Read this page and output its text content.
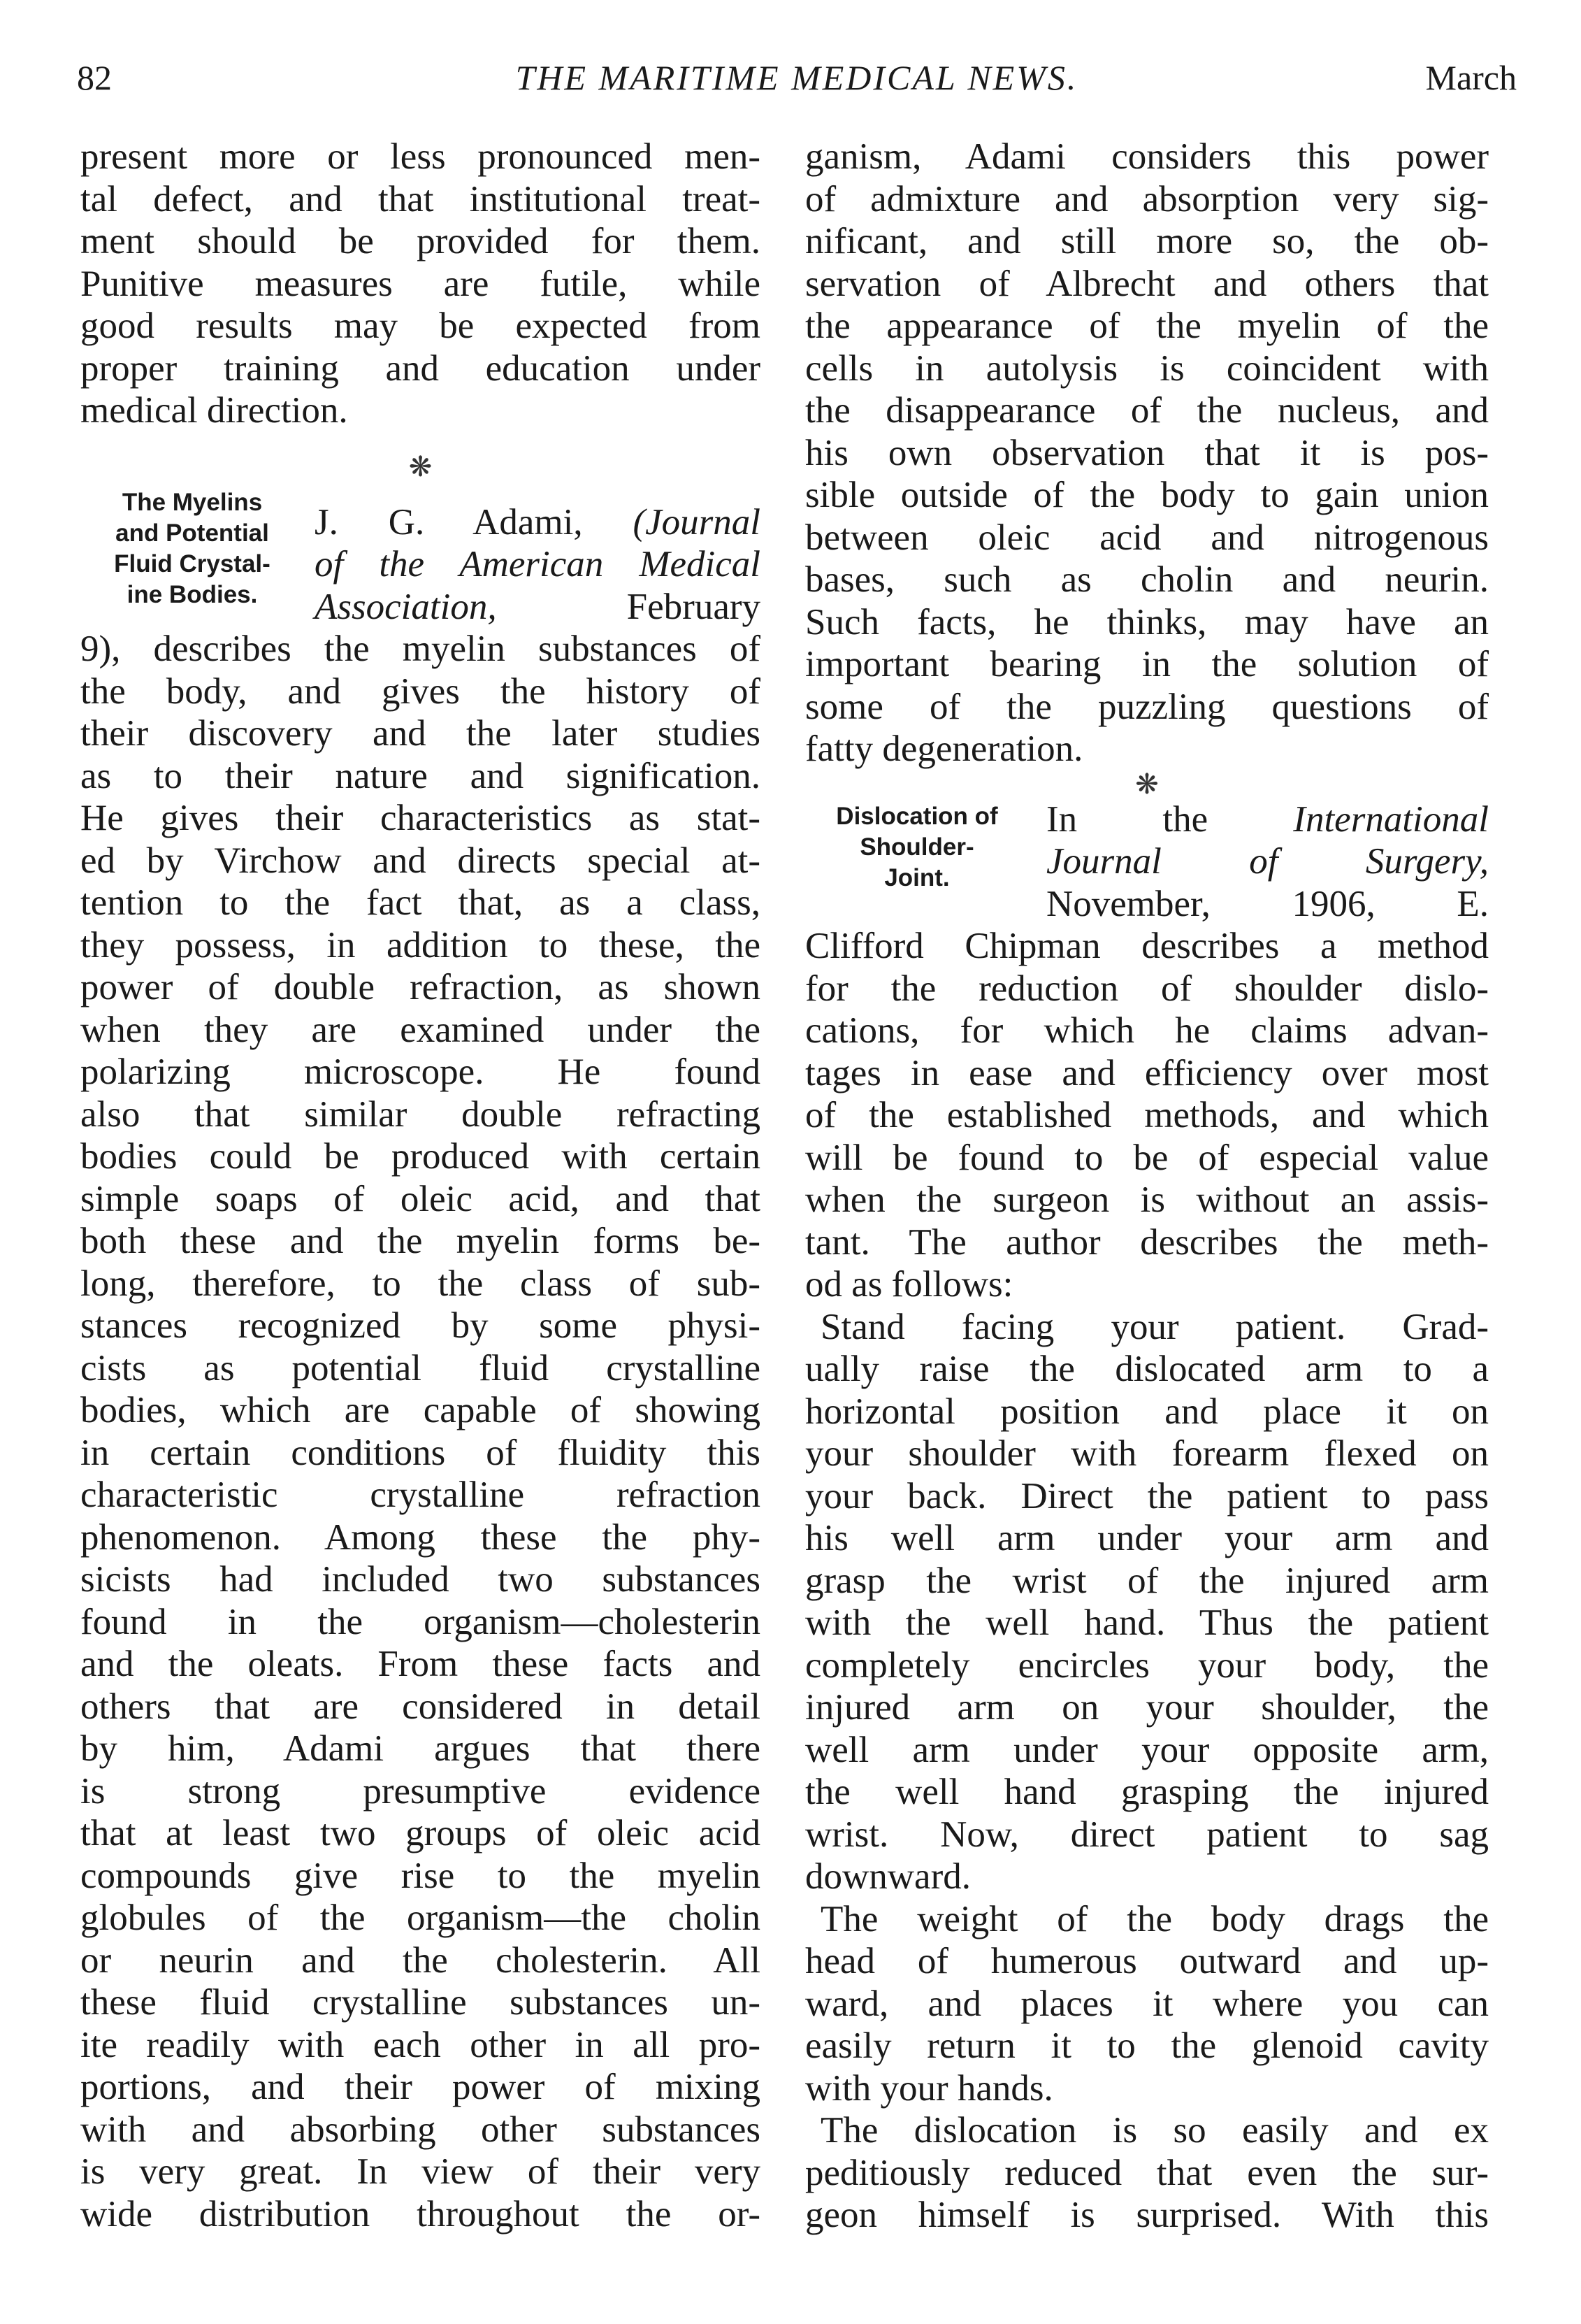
82	THE MARITIME MEDICAL NEWS.	March
present more or less pronounced men-
tal defect, and that institutional treat-
ment should be provided for them.
Punitive measures are futile, while
good results may be expected from
proper training and education under
medical direction.
❋
The Myelins
and Potential
Fluid Crystal-
ine Bodies.
J. G. Adami, (Journal
of the American Medical
Association, February
9), describes the myelin substances of
the body, and gives the history of
their discovery and the later studies
as to their nature and signification.
He gives their characteristics as stat-
ed by Virchow and directs special at-
tention to the fact that, as a class,
they possess, in addition to these, the
power of double refraction, as shown
when they are examined under the
polarizing microscope. He found
also that similar double refracting
bodies could be produced with certain
simple soaps of oleic acid, and that
both these and the myelin forms be-
long, therefore, to the class of sub-
stances recognized by some physi-
cists as potential fluid crystalline
bodies, which are capable of showing
in certain conditions of fluidity this
characteristic crystalline refraction
phenomenon. Among these the phy-
sicists had included two substances
found in the organism—cholesterin
and the oleats. From these facts and
others that are considered in detail
by him, Adami argues that there
is strong presumptive evidence
that at least two groups of oleic acid
compounds give rise to the myelin
globules of the organism—the cholin
or neurin and the cholesterin. All
these fluid crystalline substances un-
ite readily with each other in all pro-
portions, and their power of mixing
with and absorbing other substances
is very great. In view of their very
wide distribution throughout the or-
ganism, Adami considers this power
of admixture and absorption very sig-
nificant, and still more so, the ob-
servation of Albrecht and others that
the appearance of the myelin of the
cells in autolysis is coincident with
the disappearance of the nucleus, and
his own observation that it is pos-
sible outside of the body to gain union
between oleic acid and nitrogenous
bases, such as cholin and neurin.
Such facts, he thinks, may have an
important bearing in the solution of
some of the puzzling questions of
fatty degeneration.
❋
Dislocation of
Shoulder-
Joint.
In the International
Journal of Surgery,
November, 1906, E.
Clifford Chipman describes a method
for the reduction of shoulder dislo-
cations, for which he claims advan-
tages in ease and efficiency over most
of the established methods, and which
will be found to be of especial value
when the surgeon is without an assis-
tant. The author describes the meth-
od as follows:
Stand facing your patient. Grad-
ually raise the dislocated arm to a
horizontal position and place it on
your shoulder with forearm flexed on
your back. Direct the patient to pass
his well arm under your arm and
grasp the wrist of the injured arm
with the well hand. Thus the patient
completely encircles your body, the
injured arm on your shoulder, the
well arm under your opposite arm,
the well hand grasping the injured
wrist. Now, direct patient to sag
downward.
The weight of the body drags the
head of humerous outward and up-
ward, and places it where you can
easily return it to the glenoid cavity
with your hands.
The dislocation is so easily and ex
peditiously reduced that even the sur-
geon himself is surprised. With this
